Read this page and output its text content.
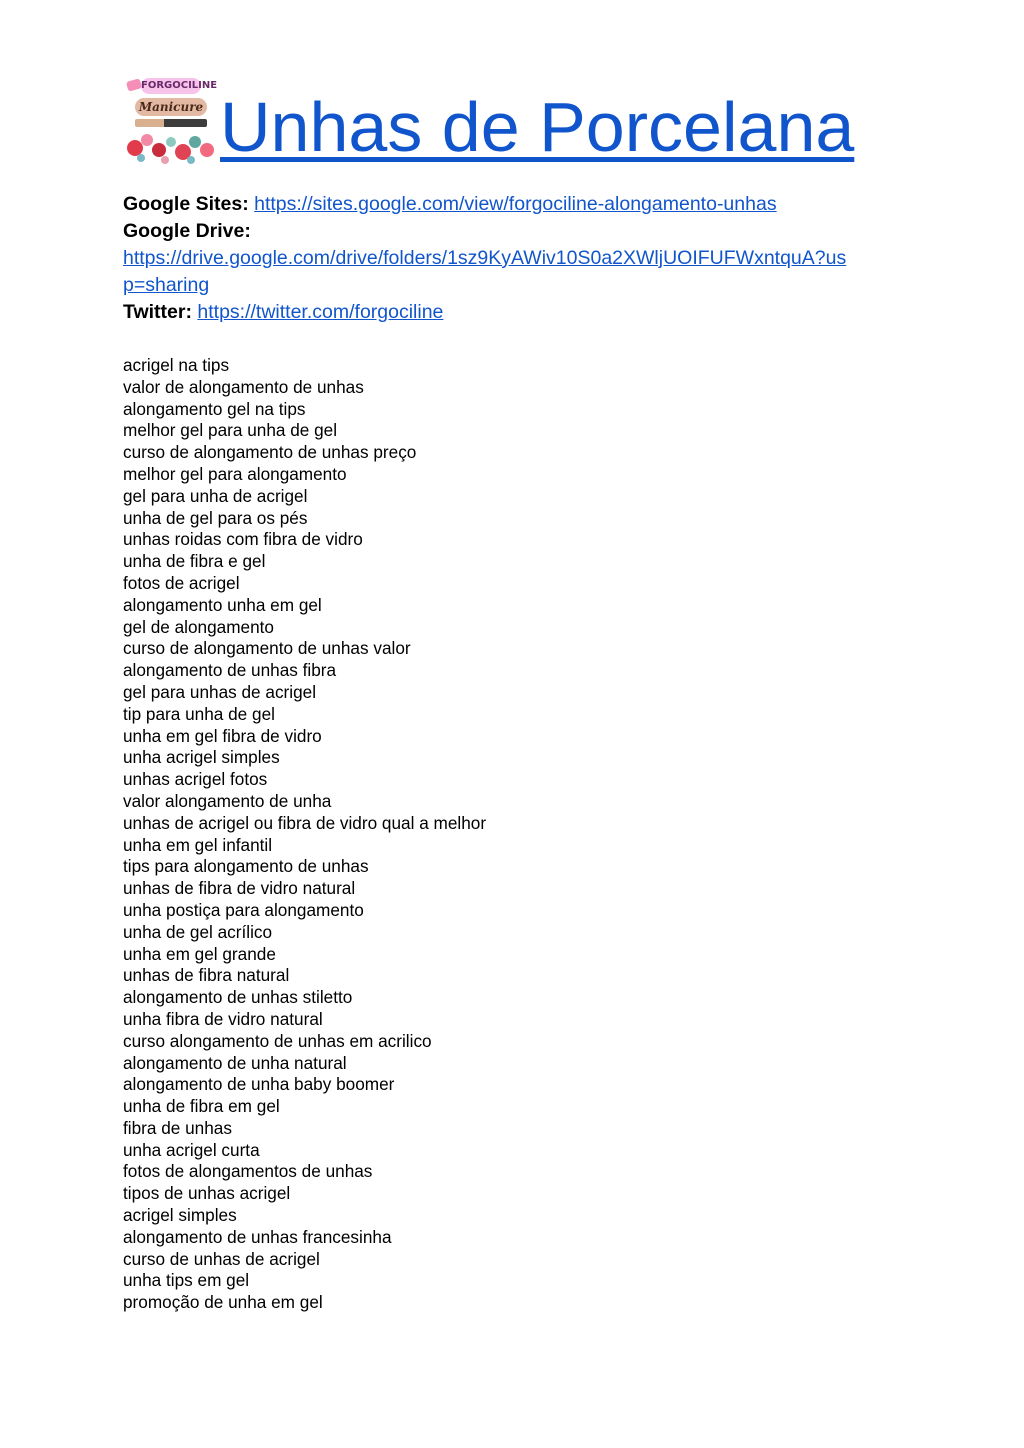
FORGOCILINE
Manicure Unhas de Porcelana
Google Sites: https://sites.google.com/view/forgociline-alongamento-unhas
Google Drive:
https://drive.google.com/drive/folders/1sz9KyAWiv10S0a2XWljUOIFUFWxntquA?us
p=sharing
Twitter: https://twitter.com/forgociline
acrigel na tips
valor de alongamento de unhas
alongamento gel na tips
melhor gel para unha de gel
curso de alongamento de unhas preço
melhor gel para alongamento
gel para unha de acrigel
unha de gel para os pés
unhas roidas com fibra de vidro
unha de fibra e gel
fotos de acrigel
alongamento unha em gel
gel de alongamento
curso de alongamento de unhas valor
alongamento de unhas fibra
gel para unhas de acrigel
tip para unha de gel
unha em gel fibra de vidro
unha acrigel simples
unhas acrigel fotos
valor alongamento de unha
unhas de acrigel ou fibra de vidro qual a melhor
unha em gel infantil
tips para alongamento de unhas
unhas de fibra de vidro natural
unha postiça para alongamento
unha de gel acrílico
unha em gel grande
unhas de fibra natural
alongamento de unhas stiletto
unha fibra de vidro natural
curso alongamento de unhas em acrilico
alongamento de unha natural
alongamento de unha baby boomer
unha de fibra em gel
fibra de unhas
unha acrigel curta
fotos de alongamentos de unhas
tipos de unhas acrigel
acrigel simples
alongamento de unhas francesinha
curso de unhas de acrigel
unha tips em gel
promoção de unha em gel
